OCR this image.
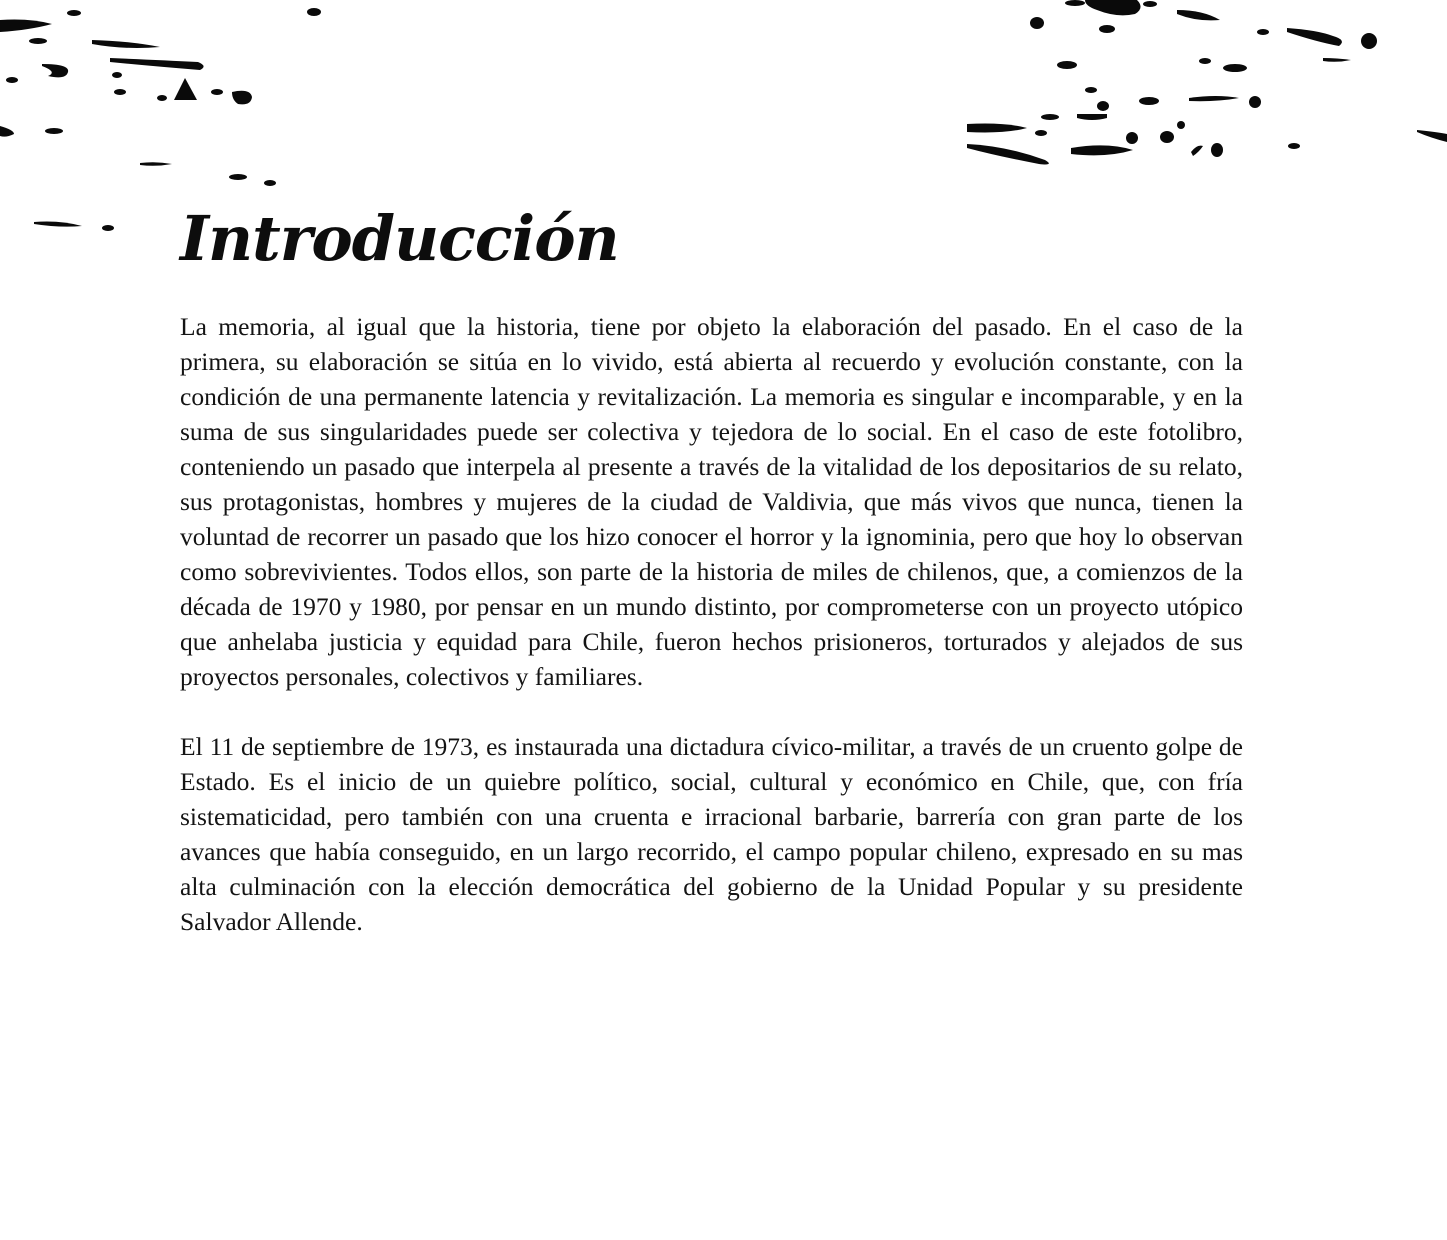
Introducción

La memoria, al igual que la historia, tiene por objeto la elaboración del pasado. En el caso de la primera, su elaboración se sitúa en lo vivido, está abierta al recuerdo y evolución constante, con la condición de una permanente latencia y revitalización. La memoria es singular e incomparable, y en la suma de sus singularidades puede ser colectiva y tejedora de lo social. En el caso de este fotolibro, conteniendo un pasado que interpela al presente a través de la vitalidad de los depositarios de su relato, sus protagonistas, hombres y mujeres de la ciudad de Valdivia, que más vivos que nunca, tienen la voluntad de recorrer un pasado que los hizo conocer el horror y la ignominia, pero que hoy lo observan como sobrevivientes. Todos ellos, son parte de la historia de miles de chilenos, que, a comienzos de la década de 1970 y 1980, por pensar en un mundo distinto, por comprometerse con un proyecto utópico que anhelaba justicia y equidad para Chile, fueron hechos prisioneros, torturados y alejados de sus proyectos personales, colectivos y familiares.

El 11 de septiembre de 1973, es instaurada una dictadura cívico-militar, a través de un cruento golpe de Estado. Es el inicio de un quiebre político, social, cultural y económico en Chile, que, con fría sistematicidad, pero también con una cruenta e irracional barbarie, barrería con gran parte de los avances que había conseguido, en un largo recorrido, el campo popular chileno, expresado en su mas alta culminación con la elección democrática del gobierno de la Unidad Popular y su presidente Salvador Allende.
